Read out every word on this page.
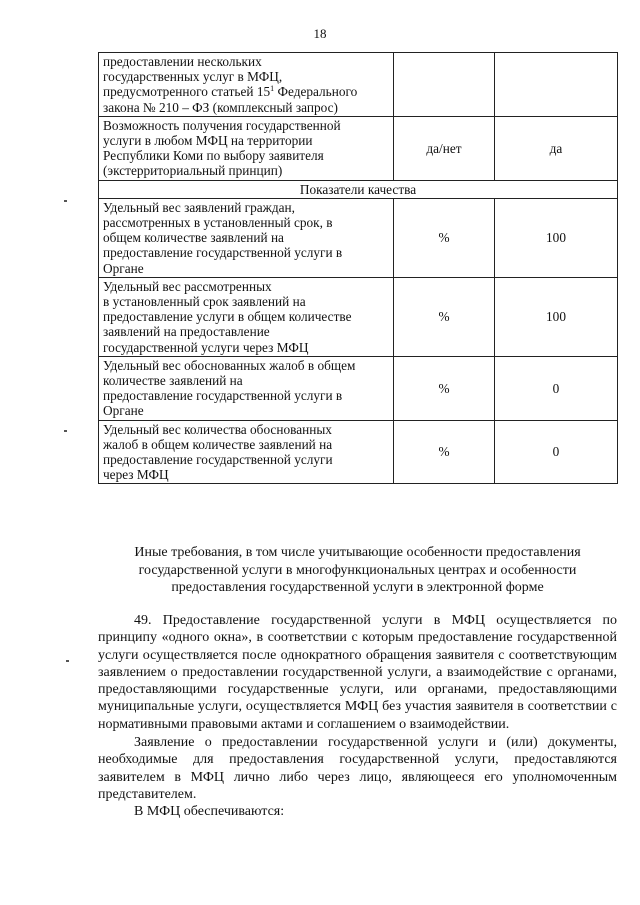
18
предоставлении нескольких
государственных услуг в МФЦ,
предусмотренного статьей $15^1$ Федерального
закона № 210 – ФЗ (комплексный запрос)		

Возможность получения государственной
услуги в любом МФЦ на территории
Республики Коми по выбору заявителя
(экстерриториальный принцип)	да/нет	да
Показатели качества		

Удельный вес заявлений граждан,
рассмотренных в установленный срок, в
общем количестве заявлений на
предоставление государственной услуги в
Органе	%	100

Удельный вес рассмотренных
в установленный срок заявлений на
предоставление услуги в общем количестве
заявлений на предоставление
государственной услуги через МФЦ	%	100

Удельный вес обоснованных жалоб в общем
количестве заявлений на
предоставление государственной услуги в
Органе	%	0

Удельный вес количества обоснованных
жалоб в общем количестве заявлений на
предоставление государственной услуги
через МФЦ	%	0
Иные требования, в том числе учитывающие особенности предоставления
государственной услуги в многофункциональных центрах и особенности
предоставления государственной услуги в электронной форме

49. Предоставление государственной услуги в МФЦ осуществляется по принципу «одного окна», в соответствии с которым предоставление государственной услуги осуществляется после однократного обращения заявителя с соответствующим заявлением о предоставлении государственной услуги, а взаимодействие с органами, предоставляющими государственные услуги, или органами, предоставляющими муниципальные услуги, осуществляется МФЦ без участия заявителя в соответствии с нормативными правовыми актами и соглашением о взаимодействии.

Заявление о предоставлении государственной услуги и (или) документы, необходимые для предоставления государственной услуги, предоставляются заявителем в МФЦ лично либо через лицо, являющееся его уполномоченным представителем.

В МФЦ обеспечиваются:
